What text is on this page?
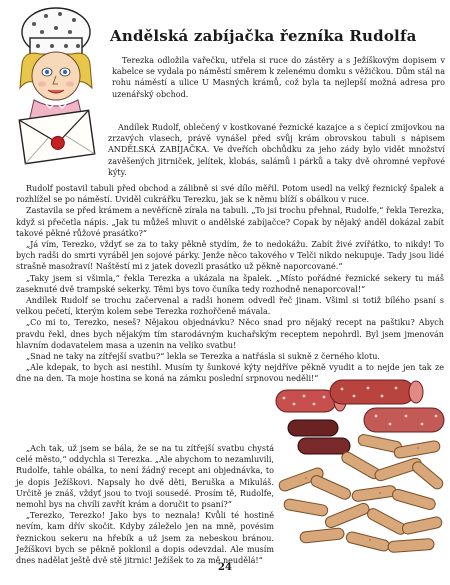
Andělská zabíjačka řezníka Rudolfa

Terezka odložila vařečku, utřela si ruce do zástěry a s Ježíškovým dopisem v kabelce se vydala po náměstí směrem k zelenému domku s věžičkou. Dům stál na rohu náměstí a ulice U Masných krámů, což byla ta nejlepší možná adresa pro uzenářský obchod.

Andílek Rudolf, oblečený v kostkované řeznické kazajce a s čepicí zmijovkou na zrzavých vlasech, právě vynášel před svůj krám obrovskou tabuli s nápisem ANDĚLSKÁ ZABÍJAČKA. Ve dveřích obchůdku za jeho zády bylo vidět množství zavěšených jitrniček, jelítek, klobás, salámů i párků a taky dvě ohromné vepřové kýty.

Rudolf postavil tabuli před obchod a zálibně si své dílo měřil. Potom usedl na velký řeznický špalek a rozhlížel se po náměstí. Uviděl cukrářku Terezku, jak se k němu blíží s obálkou v ruce.

Zastavila se před krámem a nevěřícně zírala na tabuli. „To jsi trochu přehnal, Rudolfe,“ řekla Terezka, když si přečetla nápis. „Jak tu můžeš mluvit o andělské zabíjačce? Copak by nějaký anděl dokázal zabít takové pěkné růžové prasátko?“

„Já vím, Terezko, vždyť se za to taky pěkně stydím, že to nedokážu. Zabít živé zvířátko, to nikdy! To bych radši do smrti vyráběl jen sojové párky. Jenže něco takového v Telči nikdo nekupuje. Tady jsou lidé strašně masožraví! Naštěstí mi z jatek dovezli prasátko už pěkně naporcované.“

„Taky jsem si všimla,“ řekla Terezka a ukázala na špalek. „Místo pořádné řeznické sekery tu máš zaseknuté dvě trampské sekerky. Těmi bys tovo čuníka tedy rozhodně nenaporcoval!“

Andílek Rudolf se trochu začervenal a radši honem odvedl řeč jinam. Všiml si totiž bílého psaní s velkou pečetí, kterým kolem sebe Terezka rozhořčeně mávala.

„Co mi to, Terezko, neseš? Nějakou objednávku? Něco snad pro nějaký recept na paštiku? Abych pravdu řekl, dnes bych nějakým tím starodávným kuchařským receptem nepohrdl. Byl jsem jmenován hlavním dodavatelem masa a uzenin na veliko svatbu!

„Snad ne taky na zítřejší svatbu?“ lekla se Terezka a natřásla si sukně z černého klotu.

„Ale kdepak, to bych asi nestihl. Musím ty šunkové kýty nejdříve pěkně vyudit a to nejde jen tak ze dne na den. Ta moje hostina se koná na zámku poslední srpnovou neděli!“

„Ach tak, už jsem se bála, že se na tu zítřejší svatbu chystá celé město,“ oddychla si Terezka. „Ale abychom to nezamluvili, Rudolfe, tahle obálka, to není žádný recept ani objednávka, to je dopis Ježíškovi. Napsaly ho dvě děti, Beruška a Mikuláš. Určitě je znáš, vždyť jsou to tvoji sousedé. Prosím tě, Rudolfe, nemohl bys na chvíli zavřít krám a doručit to psaní?“

„Terezko, Terezko! Jako bys to neznala! Kvůli té hostině nevím, kam dřív skočit. Kdyby záleželo jen na mně, povésim řeznickou sekeru na hřebík a už jsem za nebeskou bránou. Ježíškovi bych se pěkně poklonil a dopis odevzdal. Ale musím dnes nadělat ještě dvě stě jitrnic! Ježíšek to za mě neudělá!“

24
